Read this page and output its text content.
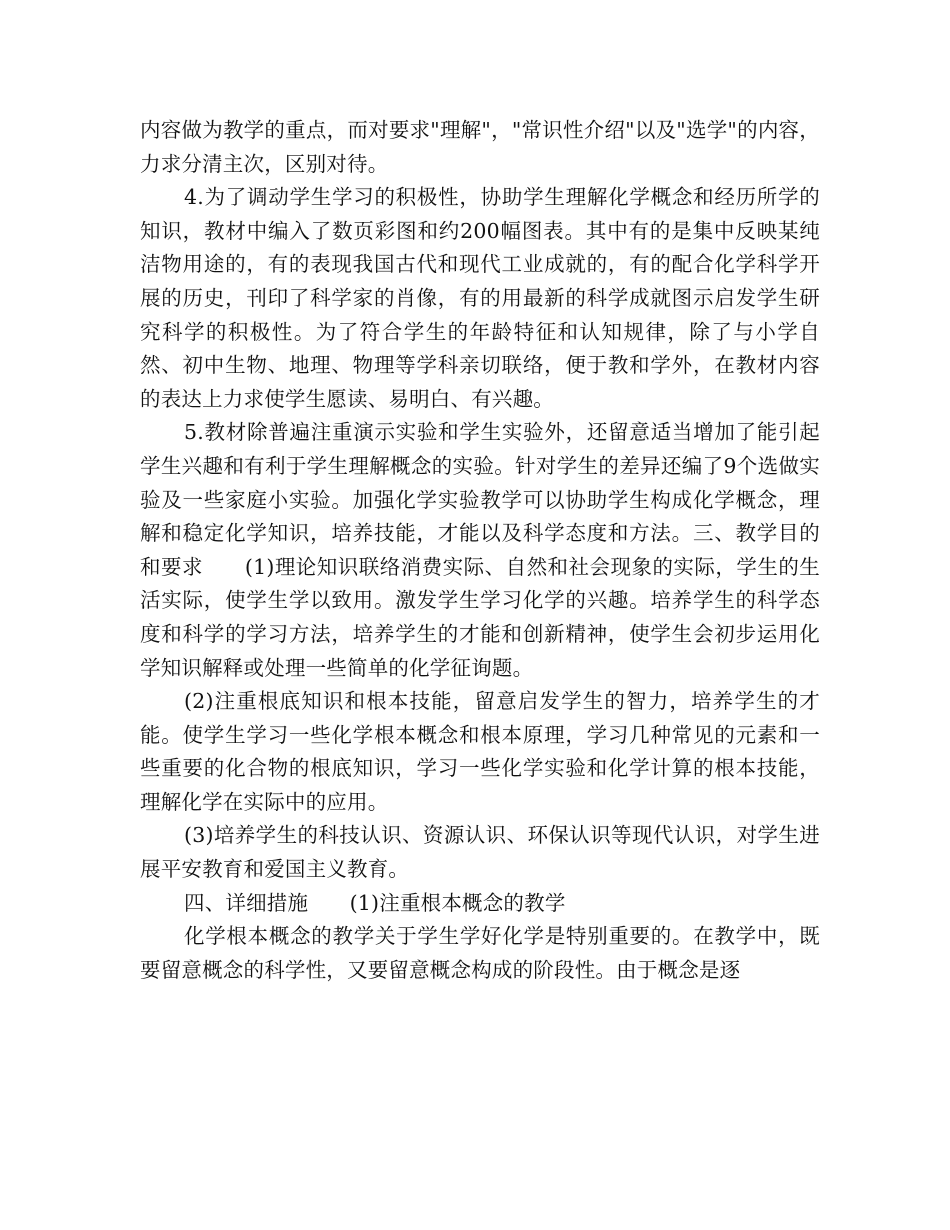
内容做为教学的重点，而对要求"理解"，"常识性介绍"以及"选学"的内容，力求分清主次，区别对待。

4.为了调动学生学习的积极性，协助学生理解化学概念和经历所学的知识，教材中编入了数页彩图和约200幅图表。其中有的是集中反映某纯洁物用途的，有的表现我国古代和现代工业成就的，有的配合化学科学开展的历史，刊印了科学家的肖像，有的用最新的科学成就图示启发学生研究科学的积极性。为了符合学生的年龄特征和认知规律，除了与小学自然、初中生物、地理、物理等学科亲切联络，便于教和学外，在教材内容的表达上力求使学生愿读、易明白、有兴趣。

5.教材除普遍注重演示实验和学生实验外，还留意适当增加了能引起学生兴趣和有利于学生理解概念的实验。针对学生的差异还编了9个选做实验及一些家庭小实验。加强化学实验教学可以协助学生构成化学概念，理解和稳定化学知识，培养技能，才能以及科学态度和方法。三、教学目的和要求　　(1)理论知识联络消费实际、自然和社会现象的实际，学生的生活实际，使学生学以致用。激发学生学习化学的兴趣。培养学生的科学态度和科学的学习方法，培养学生的才能和创新精神，使学生会初步运用化学知识解释或处理一些简单的化学征询题。

(2)注重根底知识和根本技能，留意启发学生的智力，培养学生的才能。使学生学习一些化学根本概念和根本原理，学习几种常见的元素和一些重要的化合物的根底知识，学习一些化学实验和化学计算的根本技能，理解化学在实际中的应用。

(3)培养学生的科技认识、资源认识、环保认识等现代认识，对学生进展平安教育和爱国主义教育。

四、详细措施　　(1)注重根本概念的教学

化学根本概念的教学关于学生学好化学是特别重要的。在教学中，既要留意概念的科学性，又要留意概念构成的阶段性。由于概念是逐
